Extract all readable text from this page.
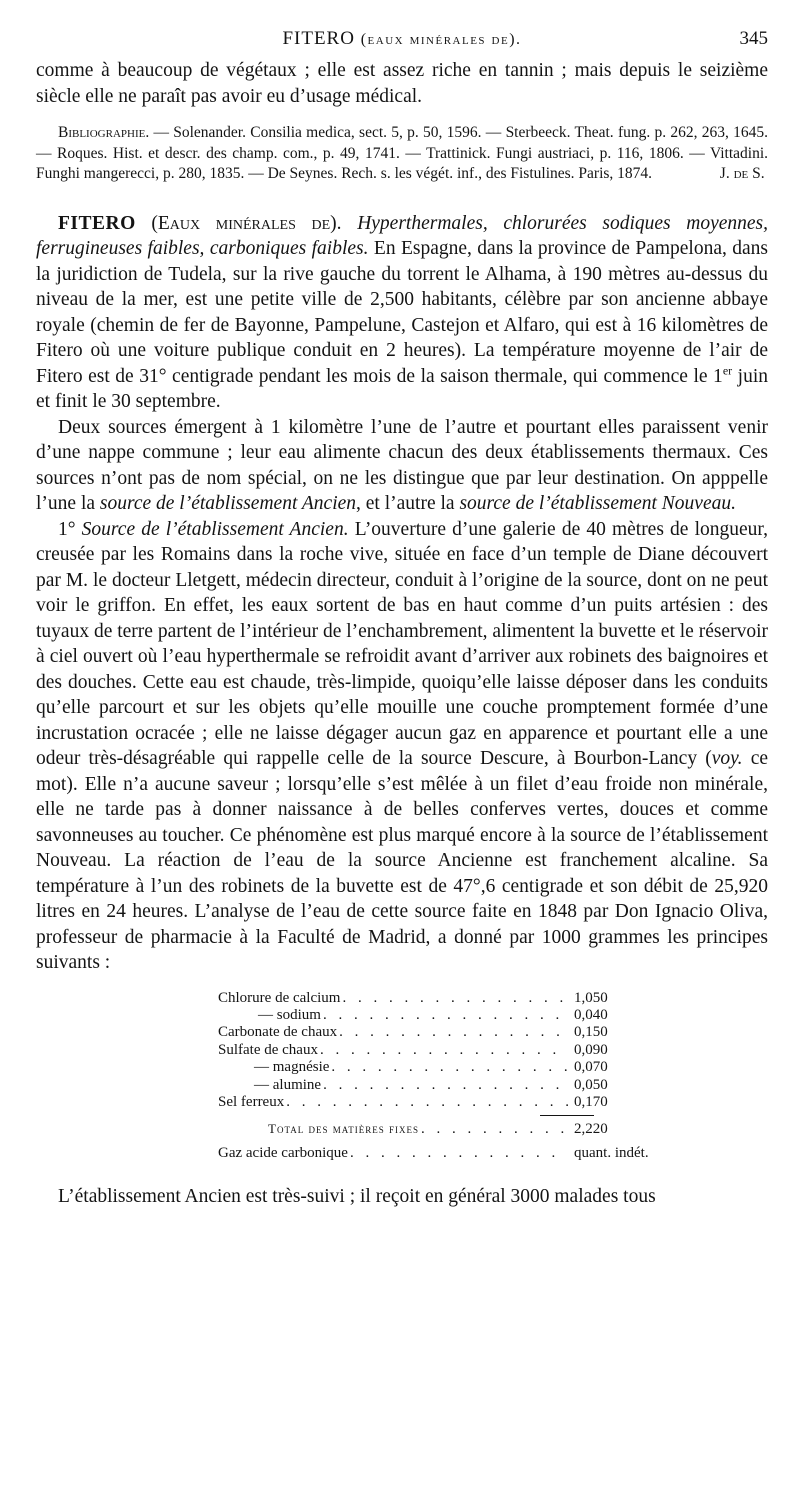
FITERO (eaux minérales de).	345

comme à beaucoup de végétaux ; elle est assez riche en tannin ; mais depuis le seizième siècle elle ne paraît pas avoir eu d’usage médical.

Bibliographie. — Solenander. Consilia medica, sect. 5, p. 50, 1596. — Sterbeeck. Theat. fung. p. 262, 263, 1645. — Roques. Hist. et descr. des champ. com., p. 49, 1741. — Trattinick. Fungi austriaci, p. 116, 1806. — Vittadini. Funghi mangerecci, p. 280, 1835. — De Seynes. Rech. s. les végét. inf., des Fistulines. Paris, 1874.	J. de S.

FITERO (Eaux minérales de). Hyperthermales, chlorurées sodiques moyennes, ferrugineuses faibles, carboniques faibles. En Espagne, dans la province de Pampelona, dans la juridiction de Tudela, sur la rive gauche du torrent le Alhama, à 190 mètres au-dessus du niveau de la mer, est une petite ville de 2,500 habitants, célèbre par son ancienne abbaye royale (chemin de fer de Bayonne, Pampelune, Castejon et Alfaro, qui est à 16 kilomètres de Fitero où une voiture publique conduit en 2 heures). La température moyenne de l’air de Fitero est de 31° centigrade pendant les mois de la saison thermale, qui commence le 1er juin et finit le 30 septembre.

Deux sources émergent à 1 kilomètre l’une de l’autre et pourtant elles paraissent venir d’une nappe commune ; leur eau alimente chacun des deux établissements thermaux. Ces sources n’ont pas de nom spécial, on ne les distingue que par leur destination. On apppelle l’une la source de l’établissement Ancien, et l’autre la source de l’établissement Nouveau.

1° Source de l’établissement Ancien. L’ouverture d’une galerie de 40 mètres de longueur, creusée par les Romains dans la roche vive, située en face d’un temple de Diane découvert par M. le docteur Lletgett, médecin directeur, conduit à l’origine de la source, dont on ne peut voir le griffon. En effet, les eaux sortent de bas en haut comme d’un puits artésien : des tuyaux de terre partent de l’intérieur de l’enchambrement, alimentent la buvette et le réservoir à ciel ouvert où l’eau hyperthermale se refroidit avant d’arriver aux robinets des baignoires et des douches. Cette eau est chaude, très-limpide, quoiqu’elle laisse déposer dans les conduits qu’elle parcourt et sur les objets qu’elle mouille une couche promptement formée d’une incrustation ocracée ; elle ne laisse dégager aucun gaz en apparence et pourtant elle a une odeur très-désagréable qui rappelle celle de la source Descure, à Bourbon-Lancy (voy. ce mot). Elle n’a aucune saveur ; lorsqu’elle s’est mêlée à un filet d’eau froide non minérale, elle ne tarde pas à donner naissance à de belles conferves vertes, douces et comme savonneuses au toucher. Ce phénomène est plus marqué encore à la source de l’établissement Nouveau. La réaction de l’eau de la source Ancienne est franchement alcaline. Sa température à l’un des robinets de la buvette est de 47°,6 centigrade et son débit de 25,920 litres en 24 heures. L’analyse de l’eau de cette source faite en 1848 par Don Ignacio Oliva, professeur de pharmacie à la Faculté de Madrid, a donné par 1000 grammes les principes suivants :

Chlorure de calcium . . .	1,050
— sodium . . .	0,040
Carbonate de chaux . . .	0,150
Sulfate de chaux . . .	0,090
— magnésie . . .	0,070
— alumine . . .	0,050
Sel ferreux . . .	0,170
Total des matières fixes . . .	2,220
Gaz acide carbonique . . .	quant. indét.

L’établissement Ancien est très-suivi ; il reçoit en général 3000 malades tous
